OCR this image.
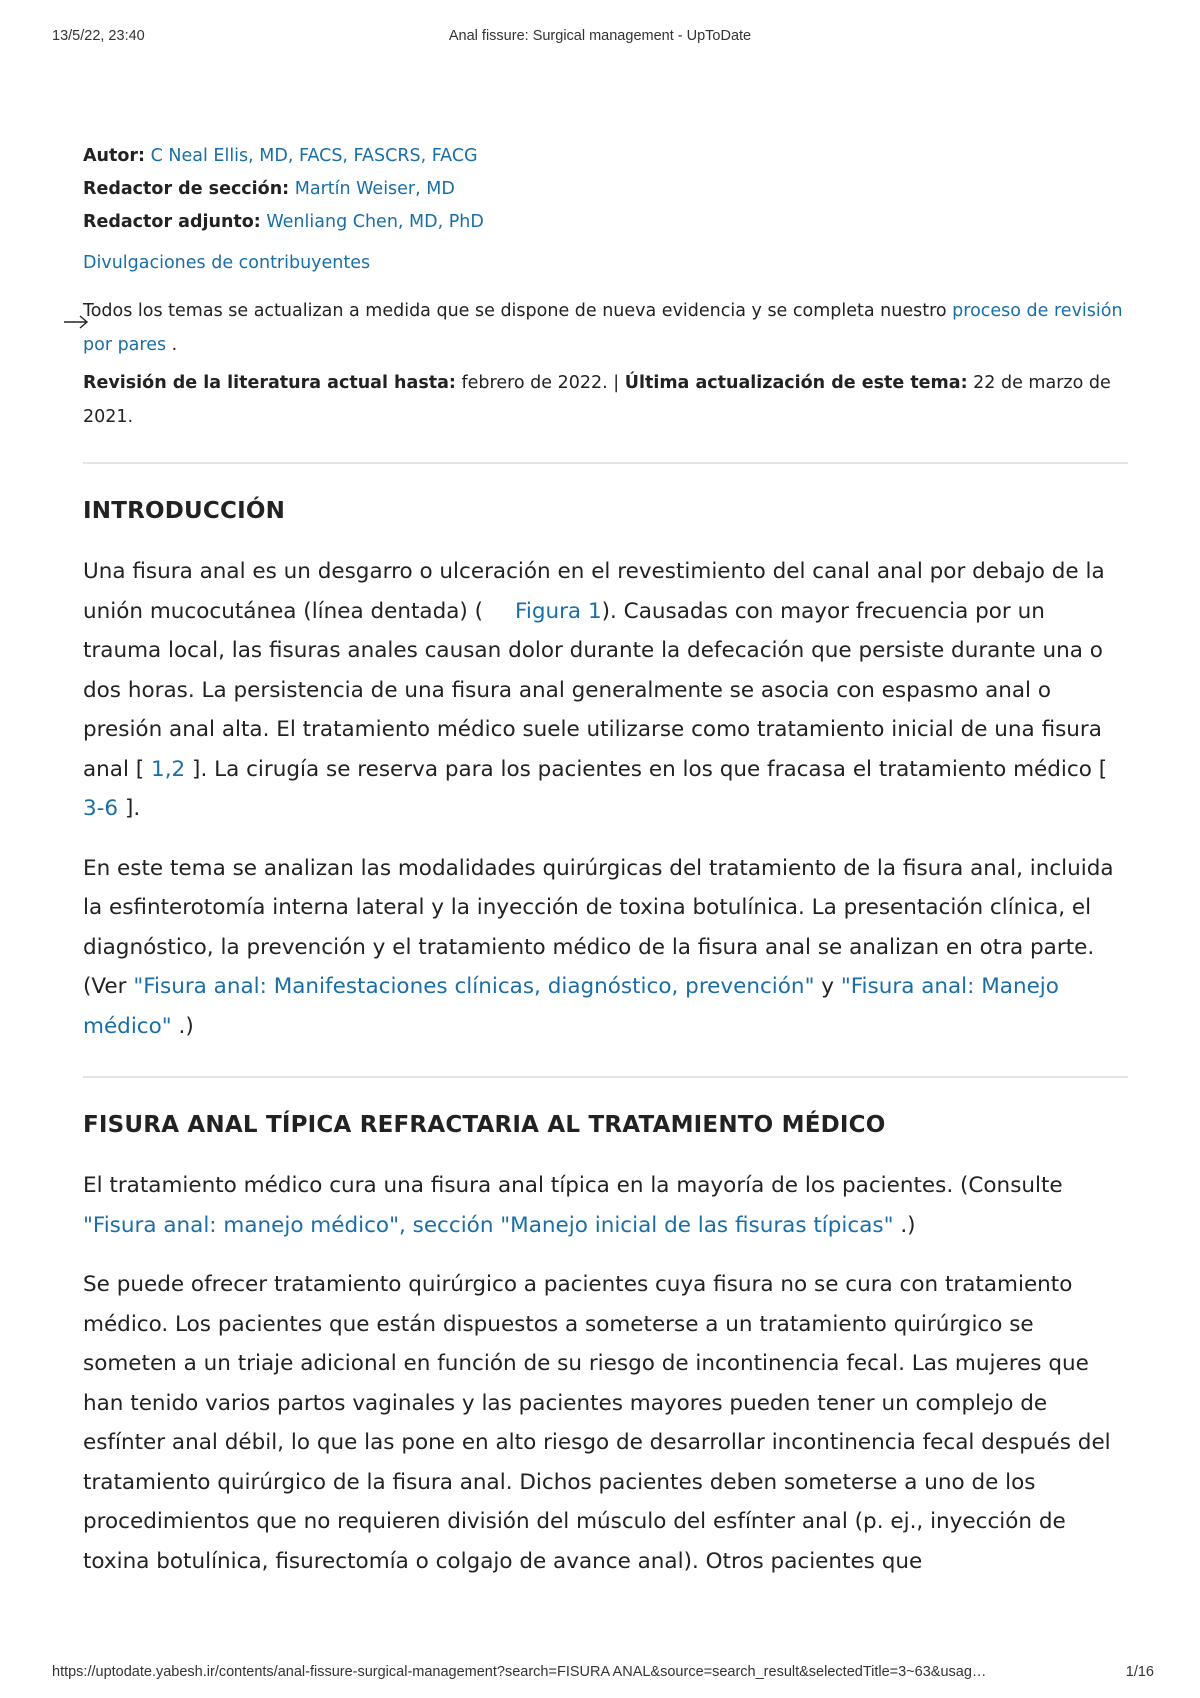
13/5/22, 23:40	Anal fissure: Surgical management - UpToDate
Autor: C Neal Ellis, MD, FACS, FASCRS, FACG
Redactor de sección: Martín Weiser, MD
Redactor adjunto: Wenliang Chen, MD, PhD
Divulgaciones de contribuyentes
Todos los temas se actualizan a medida que se dispone de nueva evidencia y se completa nuestro proceso de revisión por pares .
Revisión de la literatura actual hasta: febrero de 2022. | Última actualización de este tema: 22 de marzo de 2021.
INTRODUCCIÓN

Una fisura anal es un desgarro o ulceración en el revestimiento del canal anal por debajo de la unión mucocutánea (línea dentada) ( Figura 1). Causadas con mayor frecuencia por un trauma local, las fisuras anales causan dolor durante la defecación que persiste durante una o dos horas. La persistencia de una fisura anal generalmente se asocia con espasmo anal o presión anal alta. El tratamiento médico suele utilizarse como tratamiento inicial de una fisura anal [ 1,2 ]. La cirugía se reserva para los pacientes en los que fracasa el tratamiento médico [ 3-6 ].

En este tema se analizan las modalidades quirúrgicas del tratamiento de la fisura anal, incluida la esfinterotomía interna lateral y la inyección de toxina botulínica. La presentación clínica, el diagnóstico, la prevención y el tratamiento médico de la fisura anal se analizan en otra parte. (Ver "Fisura anal: Manifestaciones clínicas, diagnóstico, prevención" y "Fisura anal: Manejo médico" .)

FISURA ANAL TÍPICA REFRACTARIA AL TRATAMIENTO MÉDICO

El tratamiento médico cura una fisura anal típica en la mayoría de los pacientes. (Consulte "Fisura anal: manejo médico", sección "Manejo inicial de las fisuras típicas" .)

Se puede ofrecer tratamiento quirúrgico a pacientes cuya fisura no se cura con tratamiento médico. Los pacientes que están dispuestos a someterse a un tratamiento quirúrgico se someten a un triaje adicional en función de su riesgo de incontinencia fecal. Las mujeres que han tenido varios partos vaginales y las pacientes mayores pueden tener un complejo de esfínter anal débil, lo que las pone en alto riesgo de desarrollar incontinencia fecal después del tratamiento quirúrgico de la fisura anal. Dichos pacientes deben someterse a uno de los procedimientos que no requieren división del músculo del esfínter anal (p. ej., inyección de toxina botulínica, fisurectomía o colgajo de avance anal). Otros pacientes que

https://uptodate.yabesh.ir/contents/anal-fissure-surgical-management?search=FISURA ANAL&source=search_result&selectedTitle=3~63&usag…	1/16
